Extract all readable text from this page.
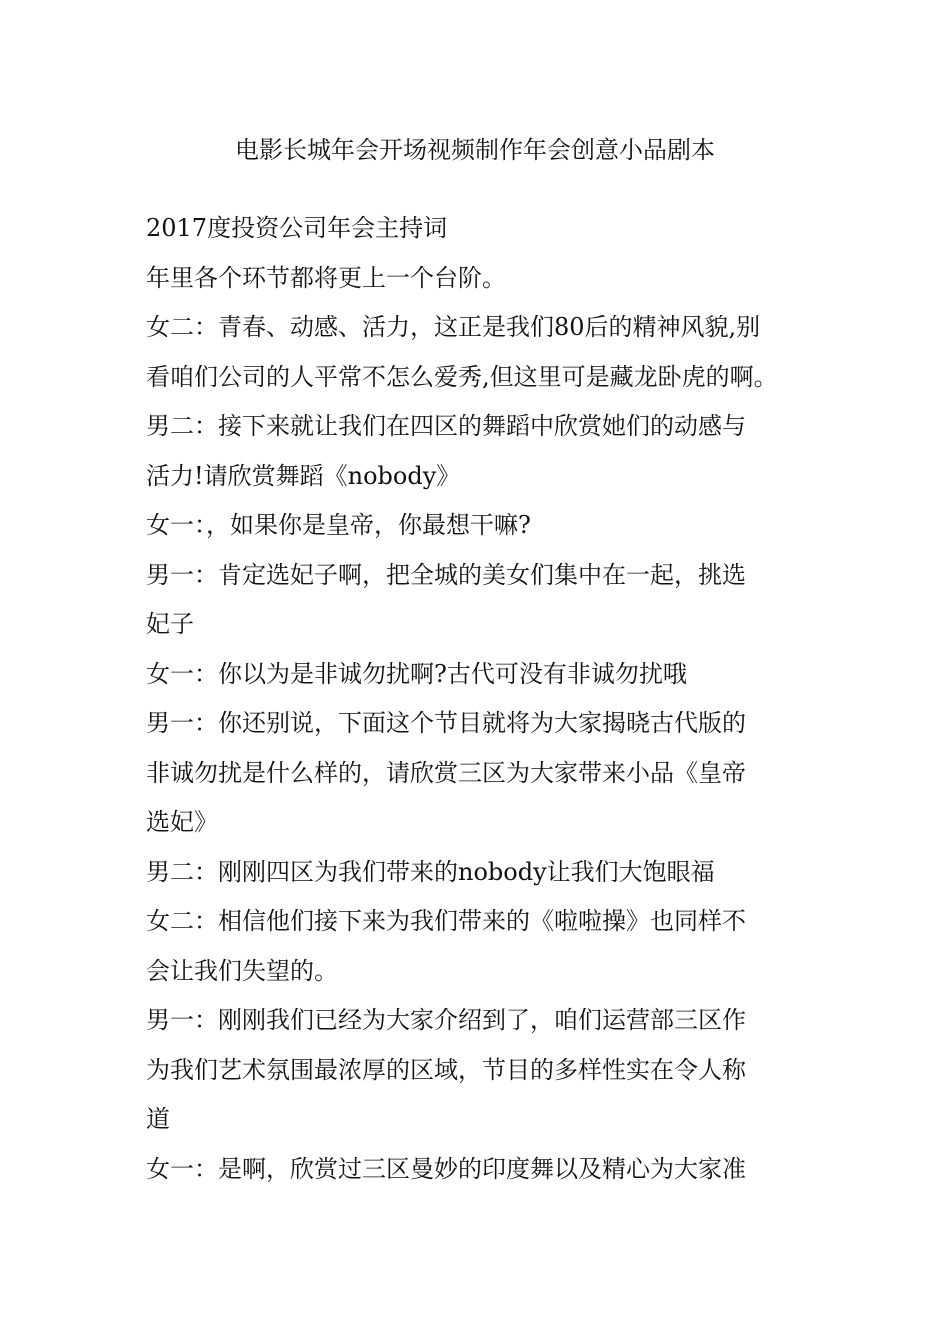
电影长城年会开场视频制作年会创意小品剧本
2017度投资公司年会主持词
年里各个环节都将更上一个台阶。
女二：青春、动感、活力，这正是我们80后的精神风貌,别
看咱们公司的人平常不怎么爱秀,但这里可是藏龙卧虎的啊。
男二：接下来就让我们在四区的舞蹈中欣赏她们的动感与
活力!请欣赏舞蹈《nobody》
女一：，如果你是皇帝，你最想干嘛?
男一：肯定选妃子啊，把全城的美女们集中在一起，挑选
妃子
女一：你以为是非诚勿扰啊?古代可没有非诚勿扰哦
男一：你还别说，下面这个节目就将为大家揭晓古代版的
非诚勿扰是什么样的，请欣赏三区为大家带来小品《皇帝
选妃》
男二：刚刚四区为我们带来的nobody让我们大饱眼福
女二：相信他们接下来为我们带来的《啦啦操》也同样不
会让我们失望的。
男一：刚刚我们已经为大家介绍到了，咱们运营部三区作
为我们艺术氛围最浓厚的区域，节目的多样性实在令人称
道
女一：是啊，欣赏过三区曼妙的印度舞以及精心为大家准
